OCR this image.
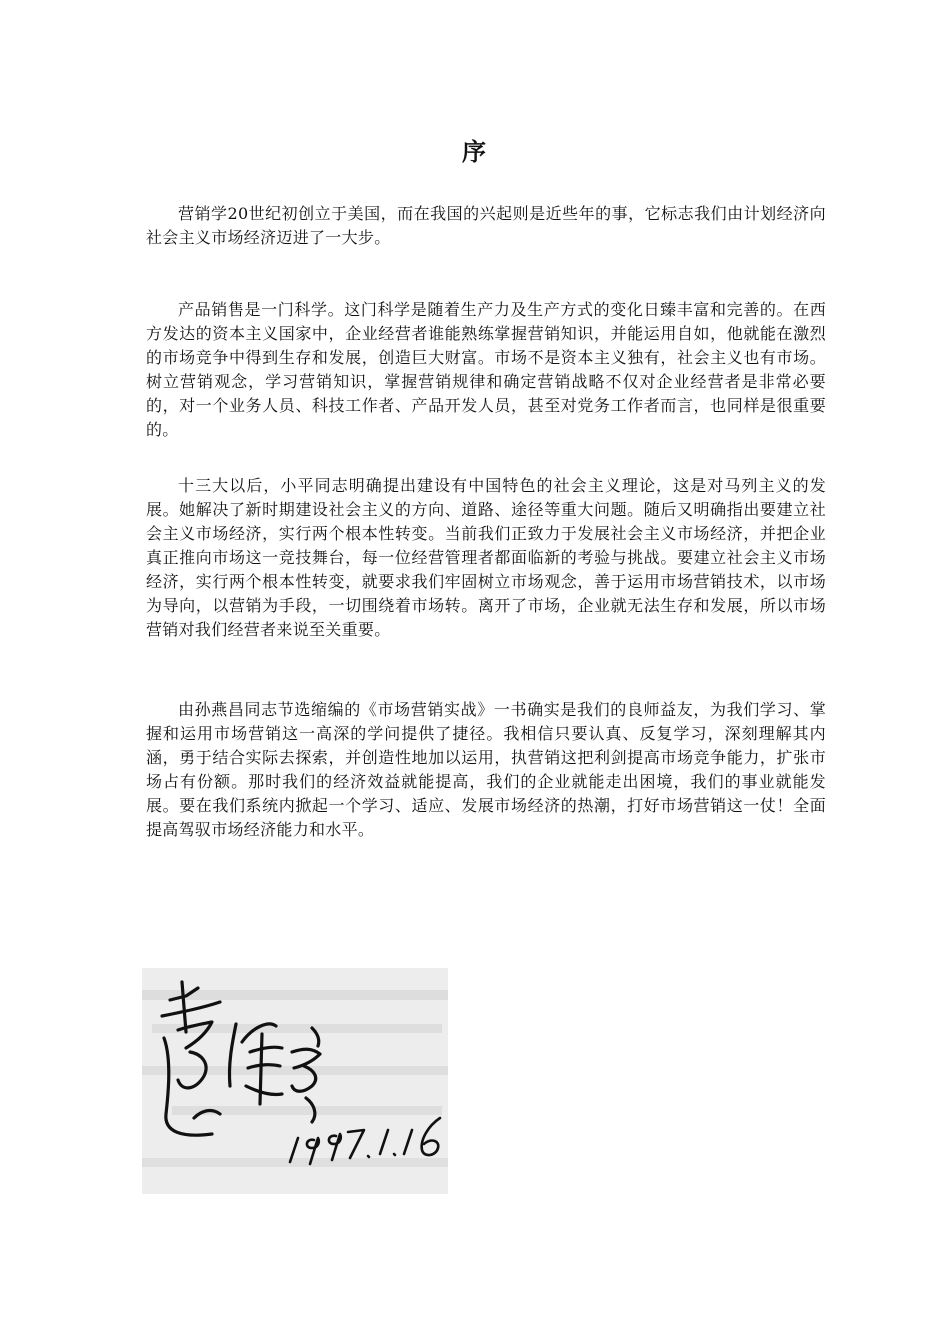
序

营销学20世纪初创立于美国，而在我国的兴起则是近些年的事，它标志我们由计划经济向社会主义市场经济迈进了一大步。

产品销售是一门科学。这门科学是随着生产力及生产方式的变化日臻丰富和完善的。在西方发达的资本主义国家中，企业经营者谁能熟练掌握营销知识，并能运用自如，他就能在激烈的市场竞争中得到生存和发展，创造巨大财富。市场不是资本主义独有，社会主义也有市场。树立营销观念，学习营销知识，掌握营销规律和确定营销战略不仅对企业经营者是非常必要的，对一个业务人员、科技工作者、产品开发人员，甚至对党务工作者而言，也同样是很重要的。

十三大以后，小平同志明确提出建设有中国特色的社会主义理论，这是对马列主义的发展。她解决了新时期建设社会主义的方向、道路、途径等重大问题。随后又明确指出要建立社会主义市场经济，实行两个根本性转变。当前我们正致力于发展社会主义市场经济，并把企业真正推向市场这一竞技舞台，每一位经营管理者都面临新的考验与挑战。要建立社会主义市场经济，实行两个根本性转变，就要求我们牢固树立市场观念，善于运用市场营销技术，以市场为导向，以营销为手段，一切围绕着市场转。离开了市场，企业就无法生存和发展，所以市场营销对我们经营者来说至关重要。

由孙燕昌同志节选缩编的《市场营销实战》一书确实是我们的良师益友，为我们学习、掌握和运用市场营销这一高深的学问提供了捷径。我相信只要认真、反复学习，深刻理解其内涵，勇于结合实际去探索，并创造性地加以运用，执营销这把利剑提高市场竞争能力，扩张市场占有份额。那时我们的经济效益就能提高，我们的企业就能走出困境，我们的事业就能发展。要在我们系统内掀起一个学习、适应、发展市场经济的热潮，打好市场营销这一仗！全面提高驾驭市场经济能力和水平。
